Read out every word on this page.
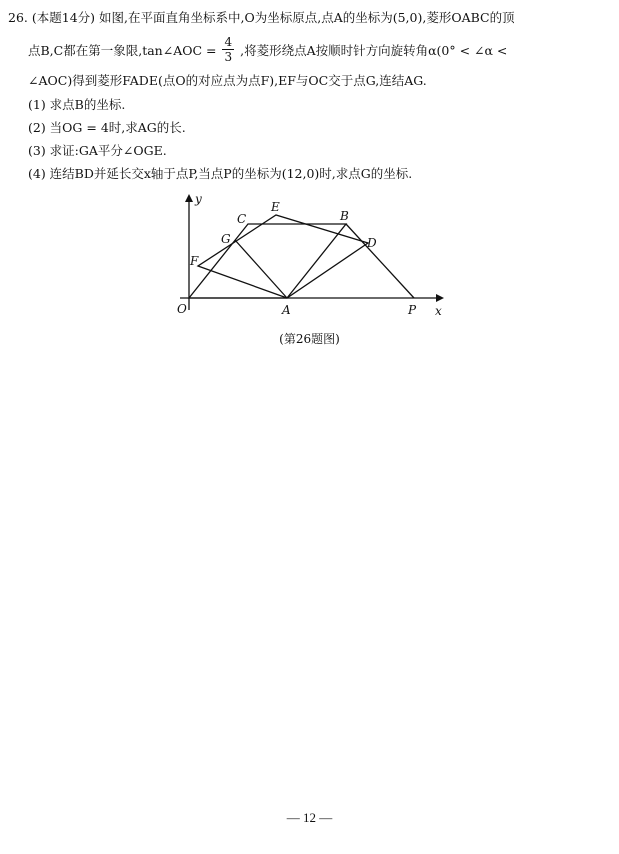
26. (本题14分) 如图,在平面直角坐标系中,O为坐标原点,点A的坐标为(5,0),菱形OABC的顶
点B,C都在第一象限,tan∠AOC = $\frac{4}{3}$ ,将菱形绕点A按顺时针方向旋转角α(0° < ∠α <
∠AOC)得到菱形FADE(点O的对应点为点F),EF与OC交于点G,连结AG.
(1) 求点B的坐标.
(2) 当OG = 4时,求AG的长.
(3) 求证:GA平分∠OGE.
(4) 连结BD并延长交x轴于点P,当点P的坐标为(12,0)时,求点G的坐标.
y
x
O	A	P
B
C
D
E
F
G
(第26题图)
— 12 —
